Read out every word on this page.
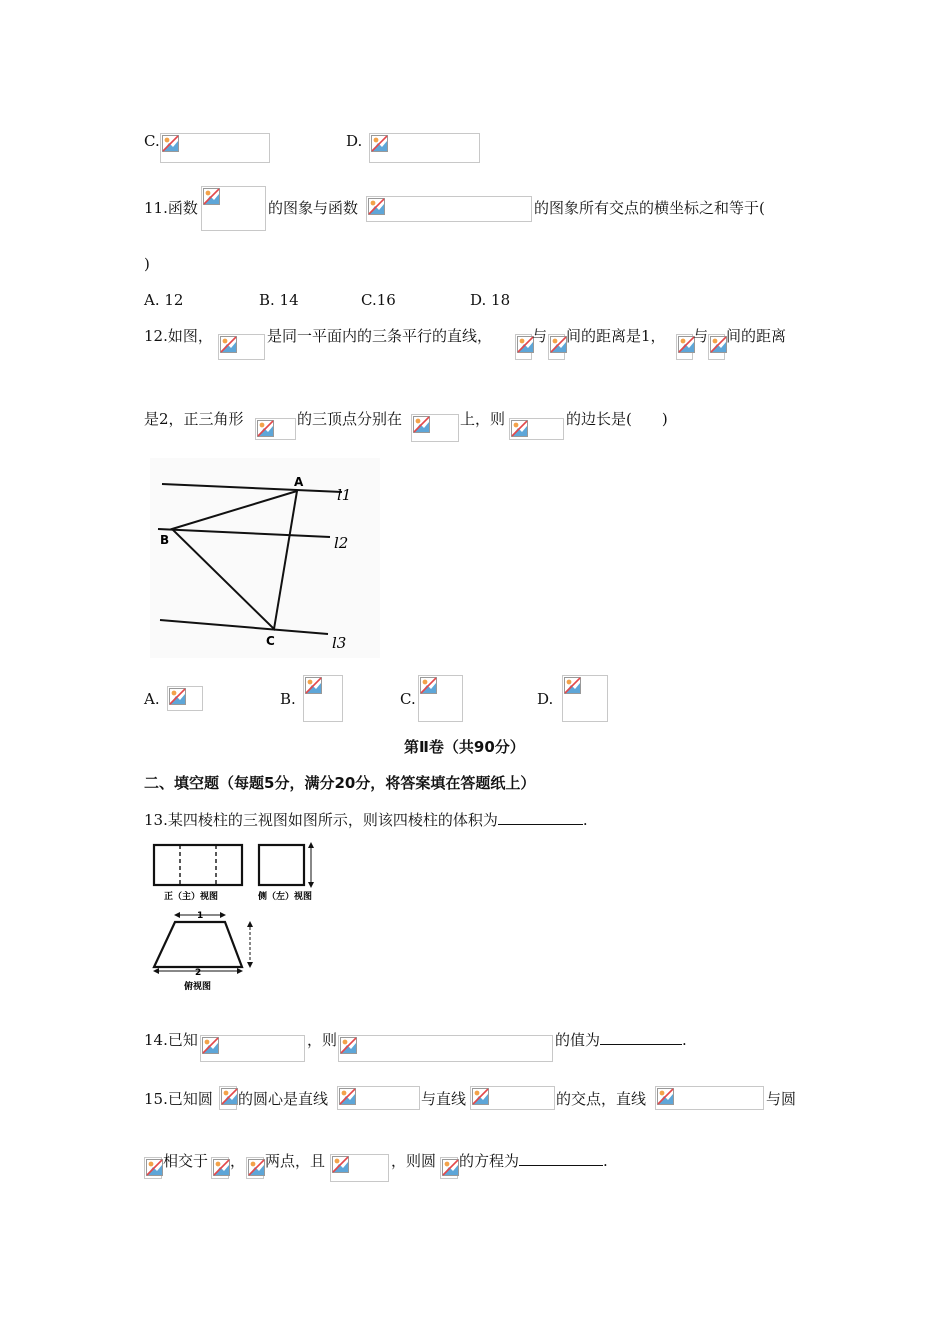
C.	D.
11.函数	的图象与函数	的图象所有交点的横坐标之和等于(
)
A. 12	B. 14	C.16	D. 18
12.如图，	是同一平面内的三条平行的直线，	与 间的距离是1， 与 间的距离
是2，正三角形	的三顶点分别在	上，则	的边长是(　　)
A
B
C
l1
l2
l3
A.	B.	C.	D.
第Ⅱ卷（共90分）
二、填空题（每题5分，满分20分，将答案填在答题纸上）
13.某四棱柱的三视图如图所示，则该四棱柱的体积为	.
正（主）视图	侧（左）视图
1
2
俯视图
14.已知	，则	的值为	.
15.已知圆 的圆心是直线	与直线	的交点，直线	与圆
相交于 ， 两点，且	，则圆 的方程为	.
